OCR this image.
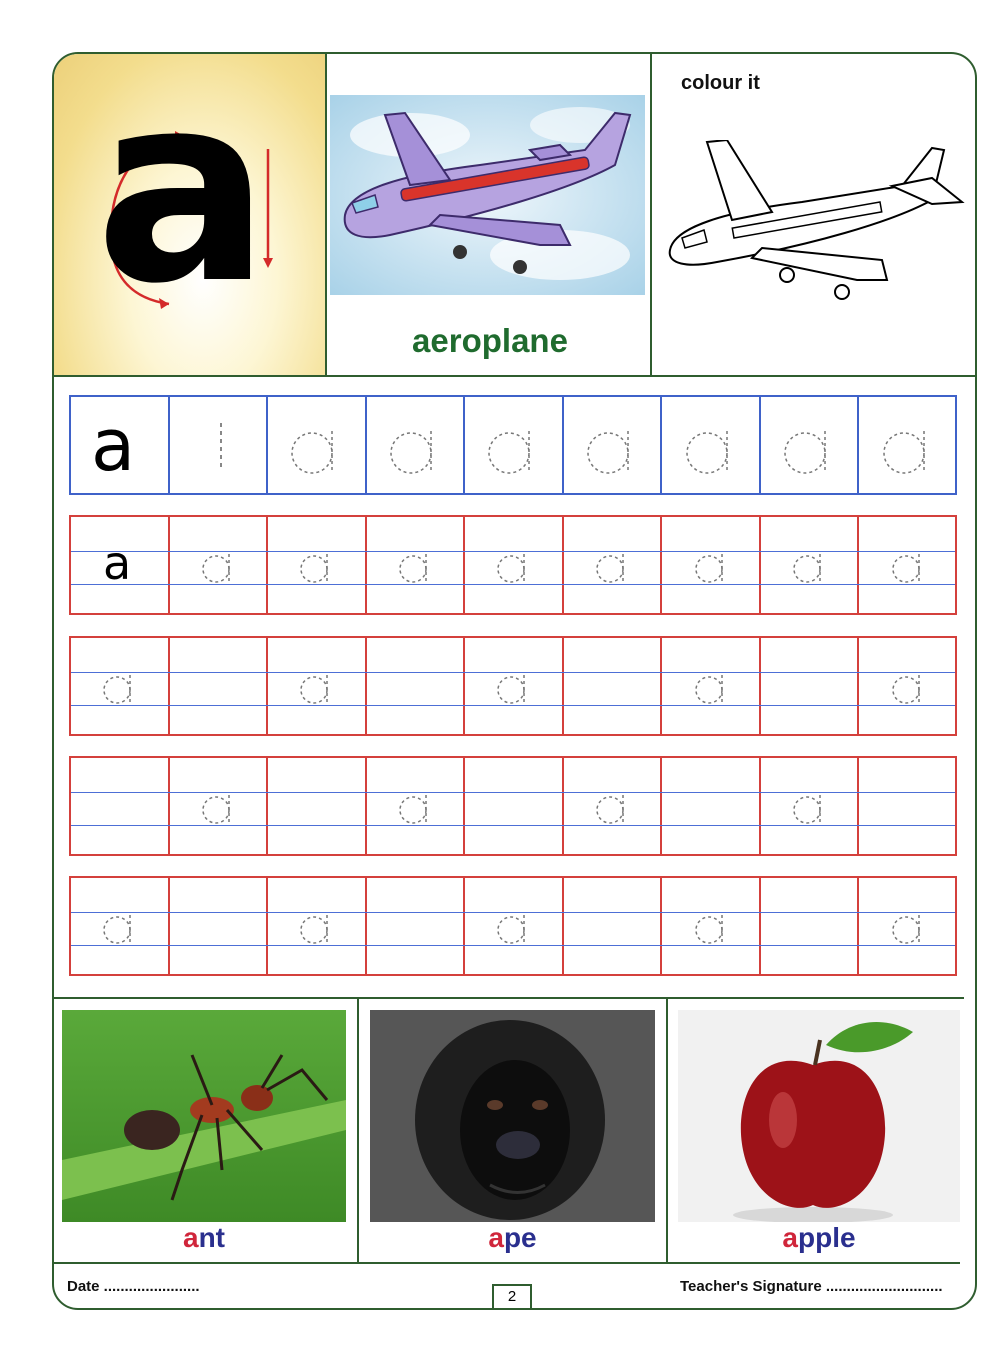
a	aeroplane
colour it
a
a
ant	ape	apple
Date .......................
2
Teacher's Signature ............................
